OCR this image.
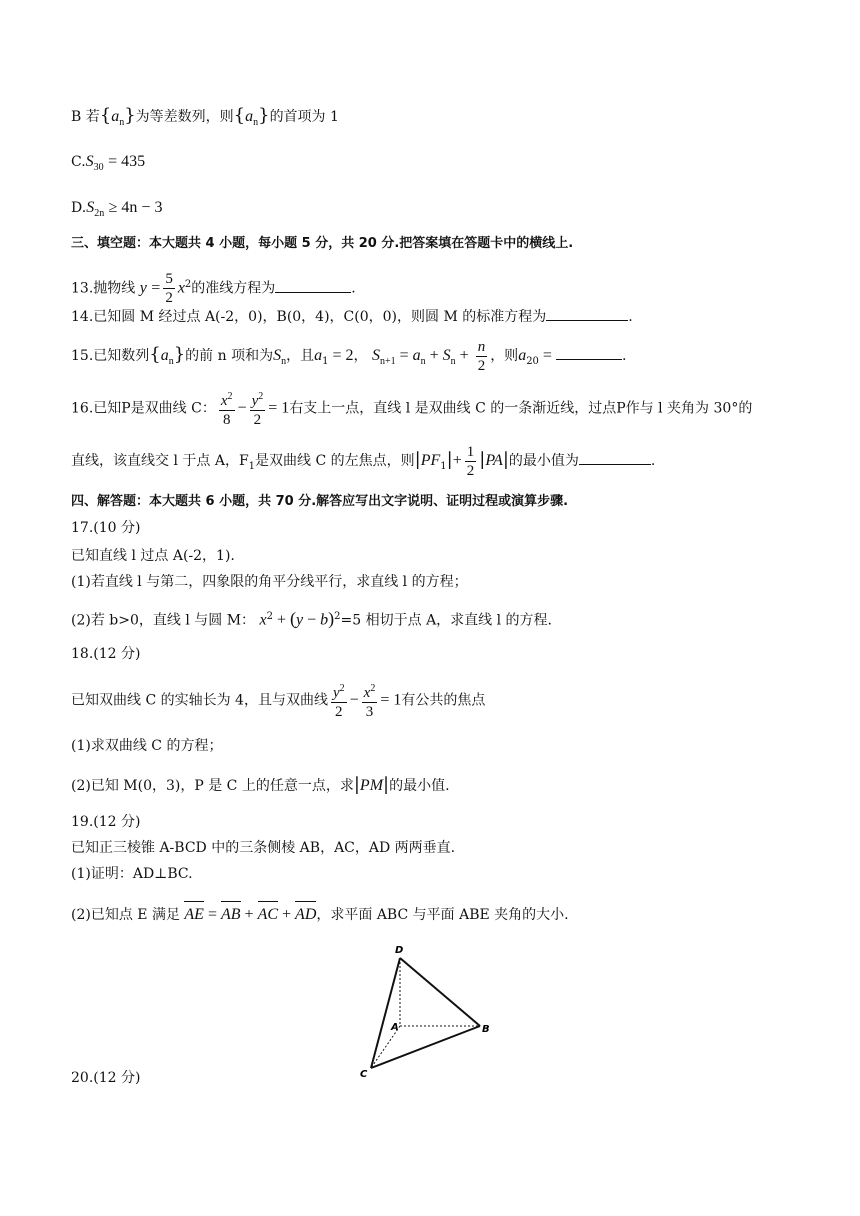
B 若$\{a_n\}$为等差数列，则$\{a_n\}$的首项为 1
$C.S_{30} = 435$
$D.S_{2n} \ge 4n - 3$
三、填空题：本大题共 4 小题，每小题 5 分，共 20 分.把答案填在答题卡中的横线上.
13.抛物线 $y = \frac{5}{2} x^2$的准线方程为	.
14.已知圆 M 经过点 A(-2，0)，B(0，4)，C(0，0)，则圆 M 的标准方程为	.
15.已知数列$\{a_n\}$的前 n 项和为$S_n$，且$a_1 = 2$， $S_{n+1} = a_n + S_n + \frac{n}{2}$ ，则$a_{20}$ =	.
16.已知P是双曲线 C： $\frac{x^2}{8} - \frac{y^2}{2} = 1$右支上一点，直线 l 是双曲线 C 的一条渐近线，过点P作与 l 夹角为 30°的
直线，该直线交 l 于点 A，$F_1$是双曲线 C 的左焦点，则$|PF_1|+ \frac{1}{2} |PA|$的最小值为	.
四、解答题：本大题共 6 小题，共 70 分.解答应写出文字说明、证明过程或演算步骤.
17.(10 分)
已知直线 l 过点 A(-2，1).
(1)若直线 l 与第二，四象限的角平分线平行，求直线 l 的方程；
(2)若 b>0，直线 l 与圆 M： $x^2 + (y - b)^2=5$ 相切于点 A，求直线 l 的方程.
18.(12 分)
已知双曲线 C 的实轴长为 4，且与双曲线 $\frac{y^2}{2} - \frac{x^2}{3} = 1$有公共的焦点
(1)求双曲线 C 的方程；
(2)已知 M(0，3)，P 是 C 上的任意一点，求|PM|的最小值.
19.(12 分)
已知正三棱锥 A-BCD 中的三条侧棱 AB，AC，AD 两两垂直.
(1)证明：AD⊥BC.
(2)已知点 E 满足 AE = AB + AC + AD，求平面 ABC 与平面 ABE 夹角的大小.
D
A	B
C
20.(12 分)
